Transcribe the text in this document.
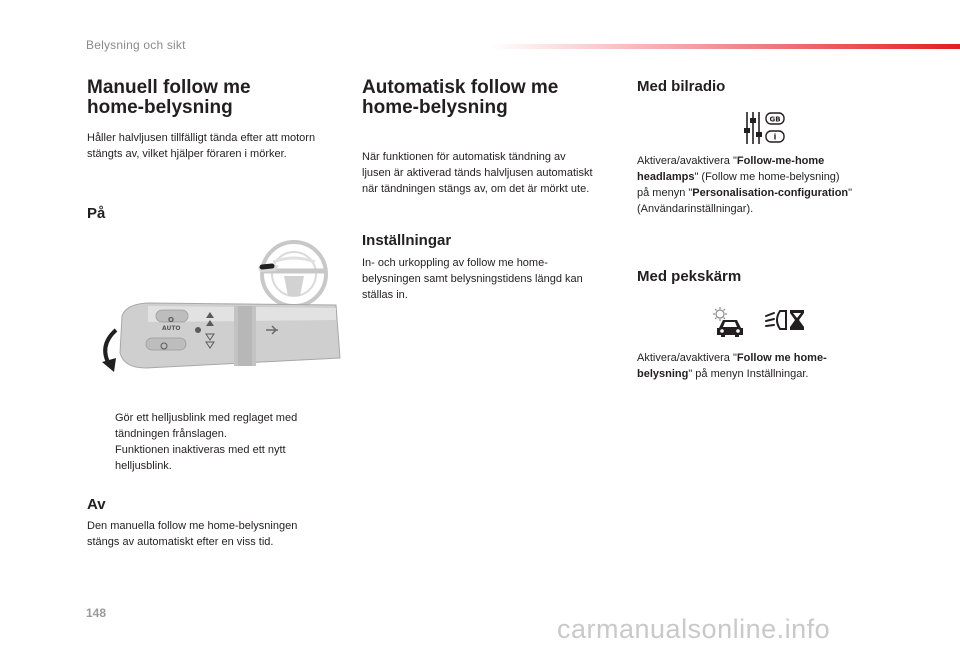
Belysning och sikt
Manuell follow me
home-belysning
Håller halvljusen tillfälligt tända efter att motorn
stängts av, vilket hjälper föraren i mörker.
På
O
AUTO
Gör ett helljusblink med reglaget med
tändningen frånslagen.
Funktionen inaktiveras med ett nytt
helljusblink.
Av
Den manuella follow me home-belysningen
stängs av automatiskt efter en viss tid.
Automatisk follow me
home-belysning
När funktionen för automatisk tändning av
ljusen är aktiverad tänds halvljusen automatiskt
när tändningen stängs av, om det är mörkt ute.
Inställningar
In- och urkoppling av follow me home-
belysningen samt belysningstidens längd kan
ställas in.
Med bilradio
GB
i
Aktivera/avaktivera "Follow-me-home
headlamps" (Follow me home-belysning)
på menyn "Personalisation-configuration"
(Användarinställningar).
Med pekskärm
Aktivera/avaktivera "Follow me home-
belysning" på menyn Inställningar.
148
carmanualsonline.info
